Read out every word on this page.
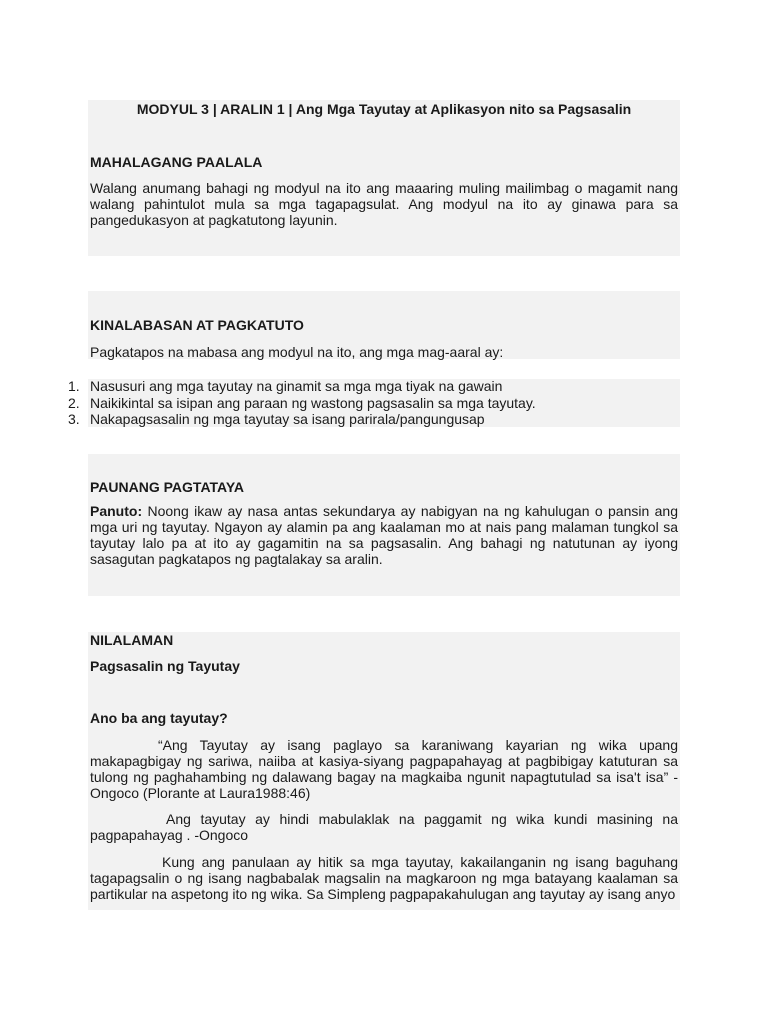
MODYUL 3 | ARALIN 1 | Ang Mga Tayutay at Aplikasyon nito sa Pagsasalin

MAHALAGANG PAALALA

Walang anumang bahagi ng modyul na ito ang maaaring muling mailimbag o magamit nang walang pahintulot mula sa mga tagapagsulat. Ang modyul na ito ay ginawa para sa pangedukasyon at pagkatutong layunin.

KINALABASAN AT PAGKATUTO

Pagkatapos na mabasa ang modyul na ito, ang mga mag-aaral ay:

1. Nasusuri ang mga tayutay na ginamit sa mga mga tiyak na gawain
2. Naikikintal sa isipan ang paraan ng wastong pagsasalin sa mga tayutay.
3. Nakapagsasalin ng mga tayutay sa isang parirala/pangungusap

PAUNANG PAGTATAYA

Panuto: Noong ikaw ay nasa antas sekundarya ay nabigyan na ng kahulugan o pansin ang mga uri ng tayutay. Ngayon ay alamin pa ang kaalaman mo at nais pang malaman tungkol sa tayutay lalo pa at ito ay gagamitin na sa pagsasalin. Ang bahagi ng natutunan ay iyong sasagutan pagkatapos ng pagtalakay sa aralin.

NILALAMAN

Pagsasalin ng Tayutay

Ano ba ang tayutay?

“Ang Tayutay ay isang paglayo sa karaniwang kayarian ng wika upang makapagbigay ng sariwa, naiiba at kasiya-siyang pagpapahayag at pagbibigay katuturan sa tulong ng paghahambing ng dalawang bagay na magkaiba ngunit napagtutulad sa isa't isa” -Ongoco (Plorante at Laura1988:46)

Ang tayutay ay hindi mabulaklak na paggamit ng wika kundi masining na pagpapahayag . -Ongoco

Kung ang panulaan ay hitik sa mga tayutay, kakailanganin ng isang baguhang tagapagsalin o ng isang nagbabalak magsalin na magkaroon ng mga batayang kaalaman sa partikular na aspetong ito ng wika. Sa Simpleng pagpapakahulugan ang tayutay ay isang anyo
